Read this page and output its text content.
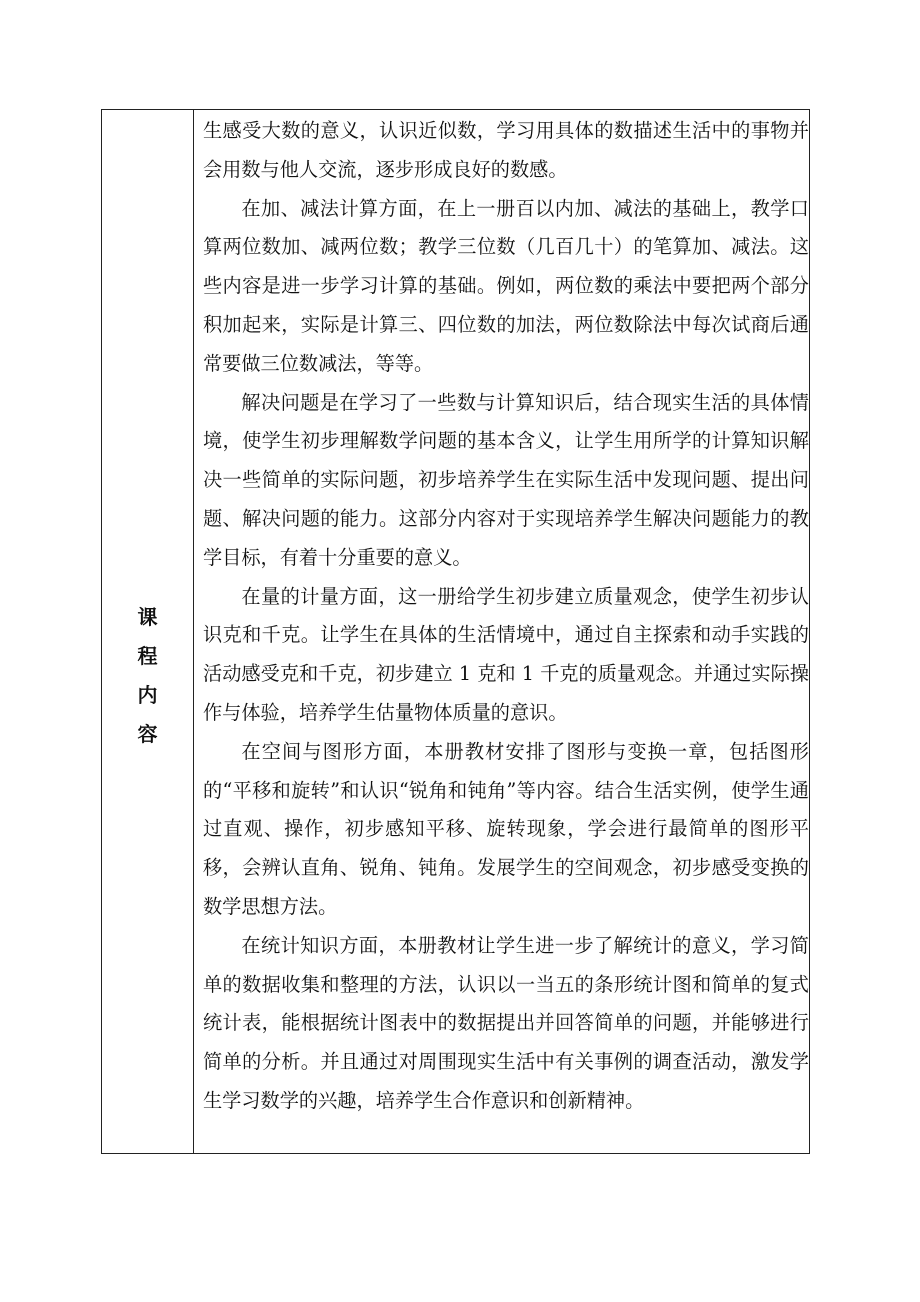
课
程
内
容

生感受大数的意义，认识近似数，学习用具体的数描述生活中的事物并会用数与他人交流，逐步形成良好的数感。

在加、减法计算方面，在上一册百以内加、减法的基础上，教学口算两位数加、减两位数；教学三位数（几百几十）的笔算加、减法。这些内容是进一步学习计算的基础。例如，两位数的乘法中要把两个部分积加起来，实际是计算三、四位数的加法，两位数除法中每次试商后通常要做三位数减法，等等。

解决问题是在学习了一些数与计算知识后，结合现实生活的具体情境，使学生初步理解数学问题的基本含义，让学生用所学的计算知识解决一些简单的实际问题，初步培养学生在实际生活中发现问题、提出问题、解决问题的能力。这部分内容对于实现培养学生解决问题能力的教学目标，有着十分重要的意义。

在量的计量方面，这一册给学生初步建立质量观念，使学生初步认识克和千克。让学生在具体的生活情境中，通过自主探索和动手实践的活动感受克和千克，初步建立 1 克和 1 千克的质量观念。并通过实际操作与体验，培养学生估量物体质量的意识。

在空间与图形方面，本册教材安排了图形与变换一章，包括图形的“平移和旋转”和认识“锐角和钝角”等内容。结合生活实例，使学生通过直观、操作，初步感知平移、旋转现象，学会进行最简单的图形平移，会辨认直角、锐角、钝角。发展学生的空间观念，初步感受变换的数学思想方法。

在统计知识方面，本册教材让学生进一步了解统计的意义，学习简单的数据收集和整理的方法，认识以一当五的条形统计图和简单的复式统计表，能根据统计图表中的数据提出并回答简单的问题，并能够进行简单的分析。并且通过对周围现实生活中有关事例的调查活动，激发学生学习数学的兴趣，培养学生合作意识和创新精神。
